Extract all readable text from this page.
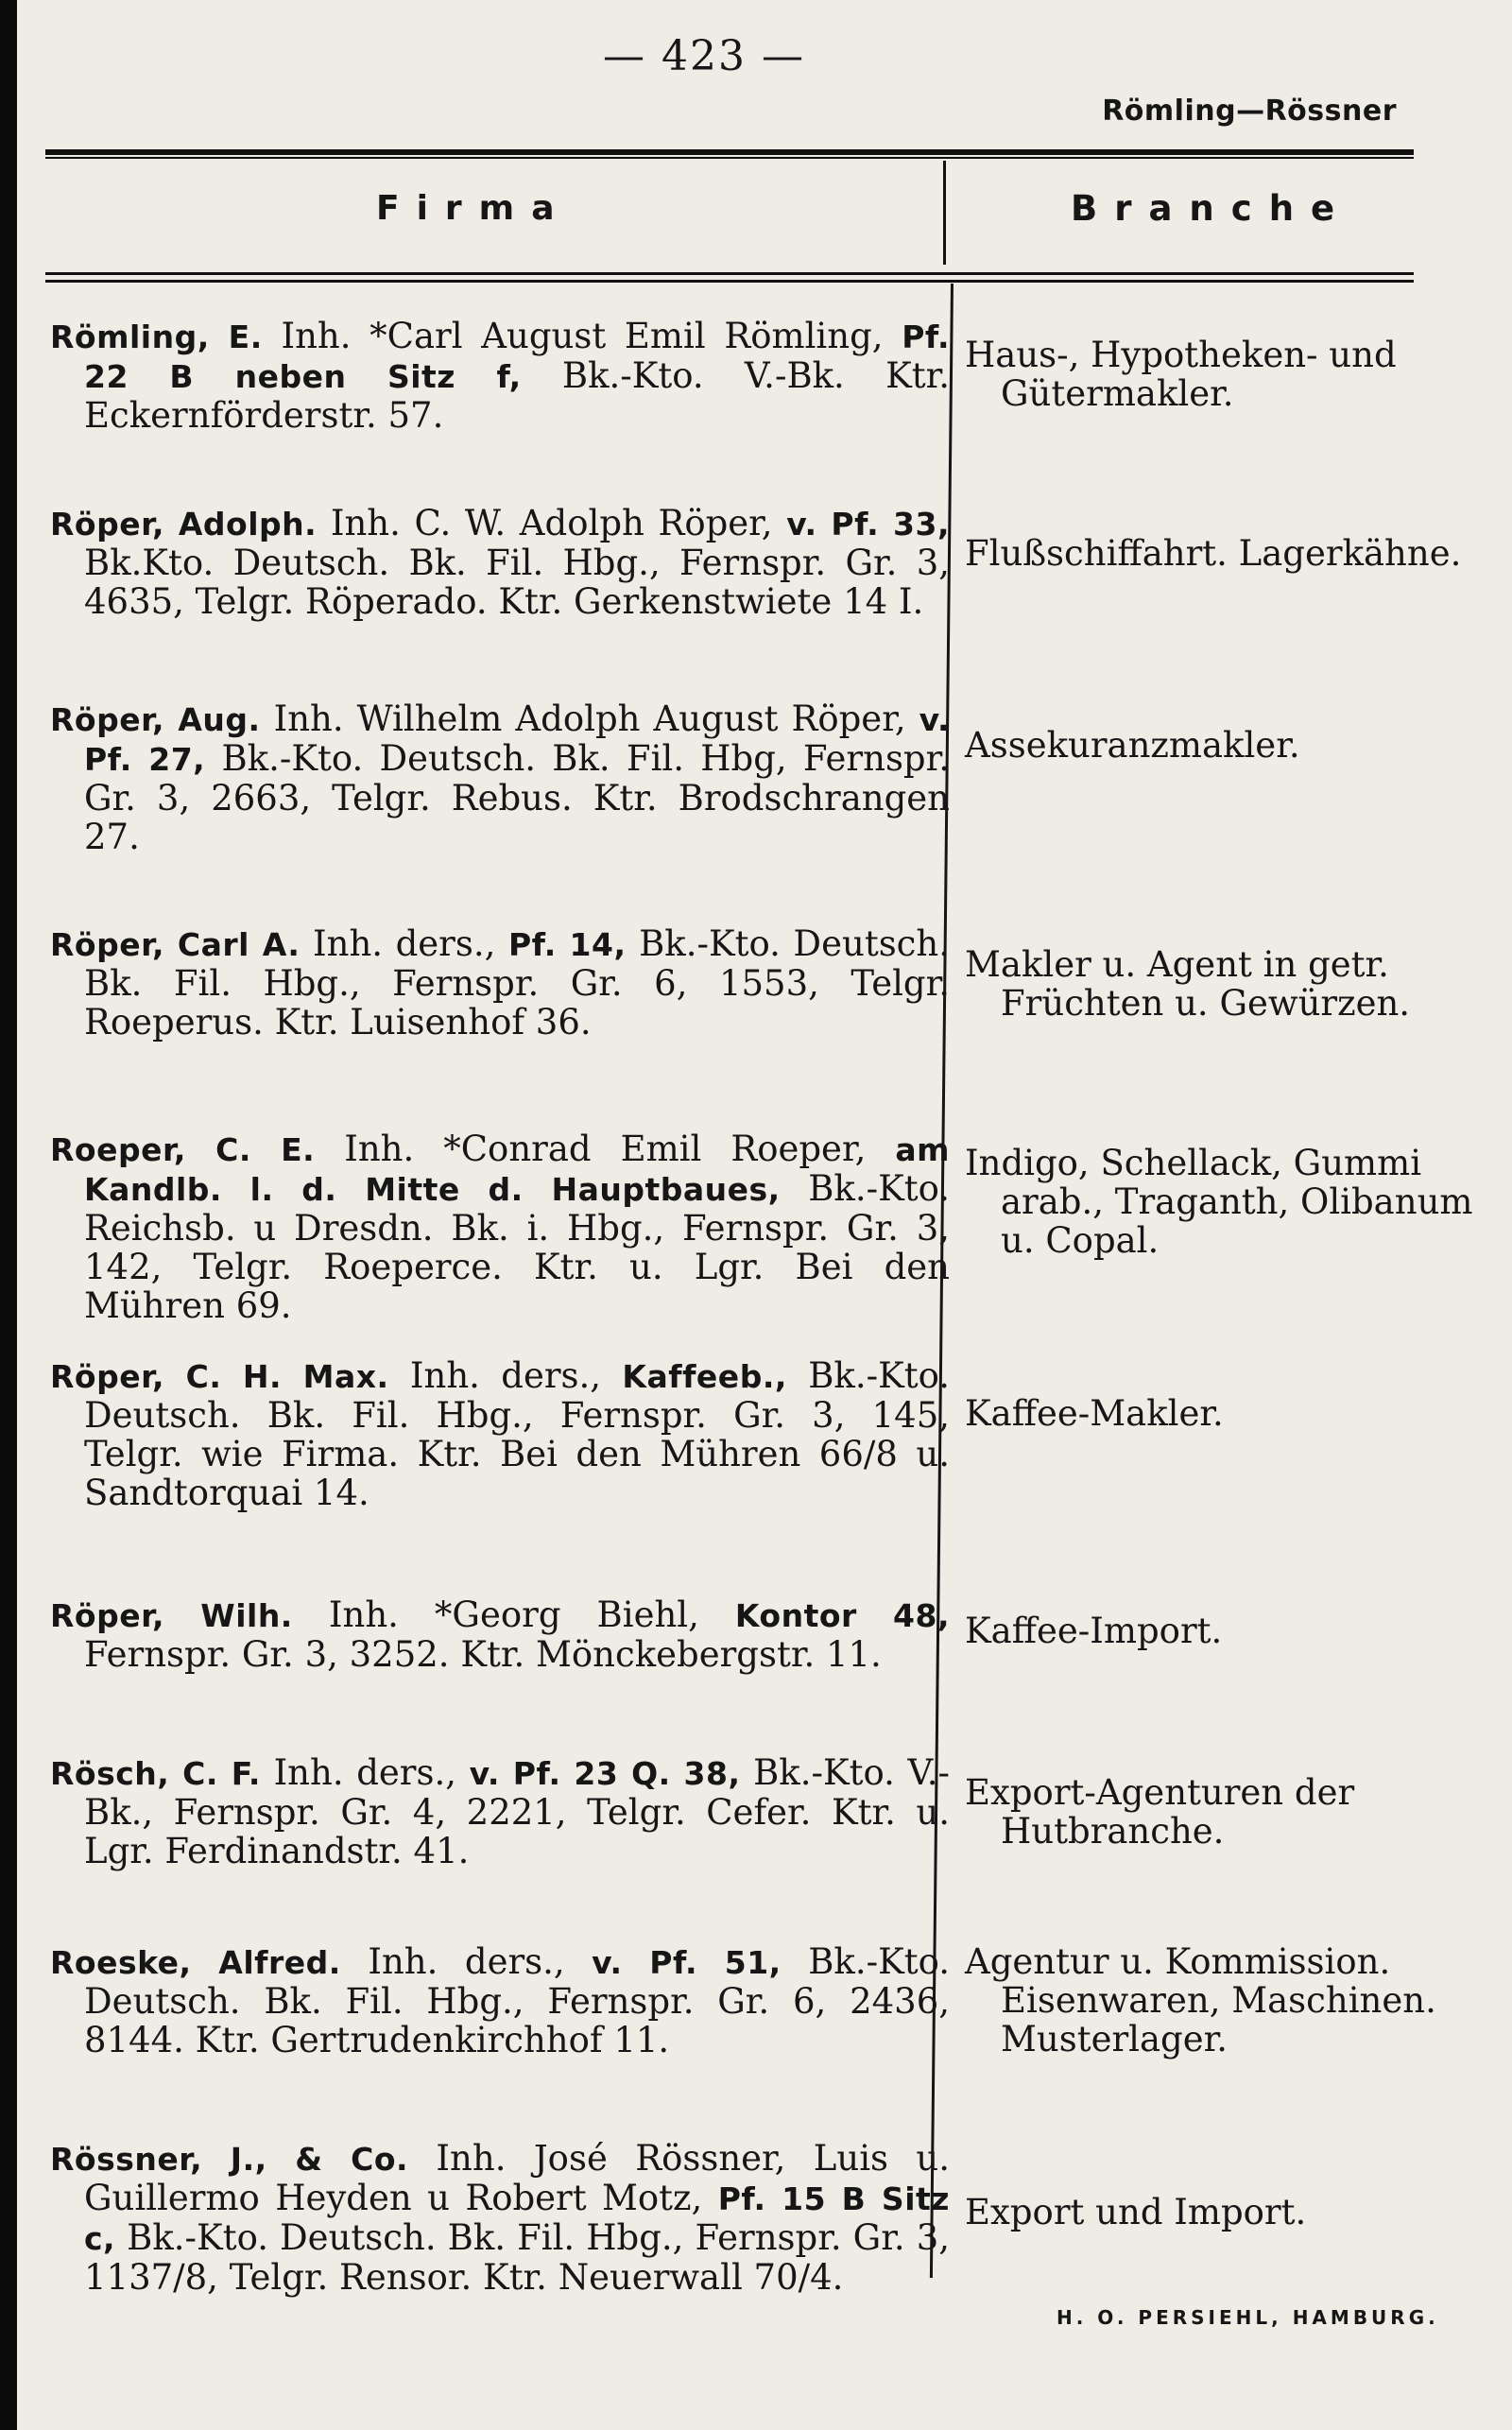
— 423 —
Römling—Rössner
Firma	Branche
Römling, E. Inh. *Carl August Emil Römling, Pf. 22 B neben Sitz f, Bk.-Kto. V.-Bk. Ktr. Eckernförderstr. 57.
Haus-, Hypotheken- und Gütermakler.
Röper, Adolph. Inh. C. W. Adolph Röper, v. Pf. 33, Bk.Kto. Deutsch. Bk. Fil. Hbg., Fernspr. Gr. 3, 4635, Telgr. Röperado. Ktr. Gerkenstwiete 14 I.
Flußschiffahrt. Lagerkähne.
Röper, Aug. Inh. Wilhelm Adolph August Röper, v. Pf. 27, Bk.-Kto. Deutsch. Bk. Fil. Hbg, Fernspr. Gr. 3, 2663, Telgr. Rebus. Ktr. Brodschrangen 27.
Assekuranzmakler.
Röper, Carl A. Inh. ders., Pf. 14, Bk.-Kto. Deutsch. Bk. Fil. Hbg., Fernspr. Gr. 6, 1553, Telgr. Roeperus. Ktr. Luisenhof 36.
Makler u. Agent in getr. Früchten u. Gewürzen.
Roeper, C. E. Inh. *Conrad Emil Roeper, am Kandlb. l. d. Mitte d. Hauptbaues, Bk.-Kto. Reichsb. u Dresdn. Bk. i. Hbg., Fernspr. Gr. 3, 142, Telgr. Roeperce. Ktr. u. Lgr. Bei den Mühren 69.
Indigo, Schellack, Gummi arab., Traganth, Olibanum u. Copal.
Röper, C. H. Max. Inh. ders., Kaffeeb., Bk.-Kto. Deutsch. Bk. Fil. Hbg., Fernspr. Gr. 3, 145, Telgr. wie Firma. Ktr. Bei den Mühren 66/8 u. Sandtorquai 14.
Kaffee-Makler.
Röper, Wilh. Inh. *Georg Biehl, Kontor 48, Fernspr. Gr. 3, 3252. Ktr. Mönckebergstr. 11.
Kaffee-Import.
Rösch, C. F. Inh. ders., v. Pf. 23 Q. 38, Bk.-Kto. V.-Bk., Fernspr. Gr. 4, 2221, Telgr. Cefer. Ktr. u. Lgr. Ferdinandstr. 41.
Export-Agenturen der Hutbranche.
Roeske, Alfred. Inh. ders., v. Pf. 51, Bk.-Kto. Deutsch. Bk. Fil. Hbg., Fernspr. Gr. 6, 2436, 8144. Ktr. Gertrudenkirchhof 11.
Agentur u. Kommission. Eisenwaren, Maschinen. Musterlager.
Rössner, J., & Co. Inh. José Rössner, Luis u. Guillermo Heyden u Robert Motz, Pf. 15 B Sitz c, Bk.-Kto. Deutsch. Bk. Fil. Hbg., Fernspr. Gr. 3, 1137/8, Telgr. Rensor. Ktr. Neuerwall 70/4.
Export und Import.
H. O. PERSIEHL, HAMBURG.
